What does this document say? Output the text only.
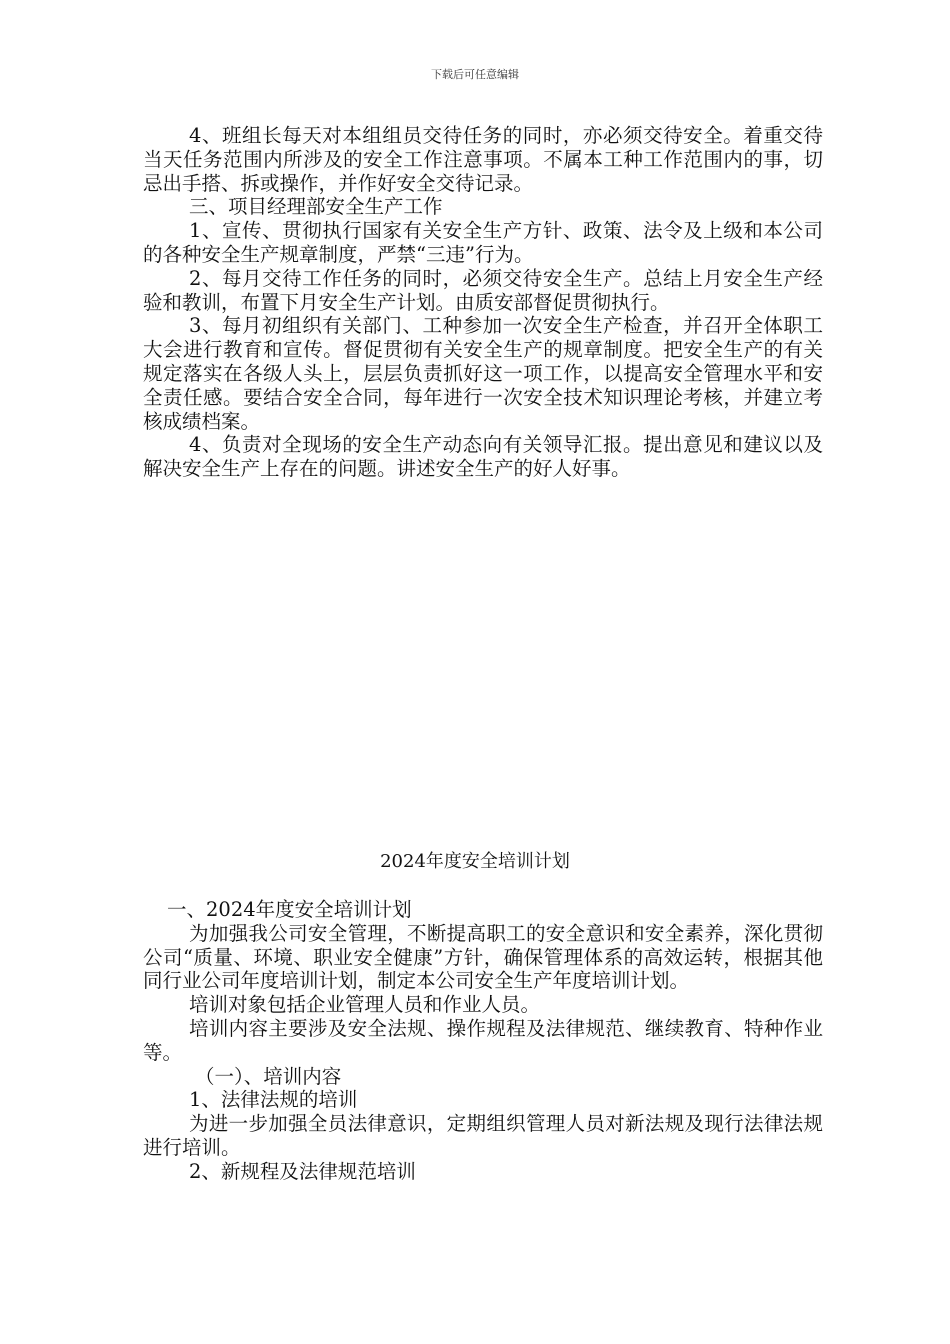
下载后可任意编辑

4、班组长每天对本组组员交待任务的同时，亦必须交待安全。着重交待当天任务范围内所涉及的安全工作注意事项。不属本工种工作范围内的事，切忌出手搭、拆或操作，并作好安全交待记录。

三、项目经理部安全生产工作

1、宣传、贯彻执行国家有关安全生产方针、政策、法令及上级和本公司的各种安全生产规章制度，严禁“三违”行为。

2、每月交待工作任务的同时，必须交待安全生产。总结上月安全生产经验和教训，布置下月安全生产计划。由质安部督促贯彻执行。

3、每月初组织有关部门、工种参加一次安全生产检查，并召开全体职工大会进行教育和宣传。督促贯彻有关安全生产的规章制度。把安全生产的有关规定落实在各级人头上，层层负责抓好这一项工作，以提高安全管理水平和安全责任感。要结合安全合同，每年进行一次安全技术知识理论考核，并建立考核成绩档案。

4、负责对全现场的安全生产动态向有关领导汇报。提出意见和建议以及解决安全生产上存在的问题。讲述安全生产的好人好事。

2024年度安全培训计划

一、2024年度安全培训计划

为加强我公司安全管理，不断提高职工的安全意识和安全素养，深化贯彻公司“质量、环境、职业安全健康”方针，确保管理体系的高效运转，根据其他同行业公司年度培训计划，制定本公司安全生产年度培训计划。

培训对象包括企业管理人员和作业人员。

培训内容主要涉及安全法规、操作规程及法律规范、继续教育、特种作业等。

（一）、培训内容

1、法律法规的培训

为进一步加强全员法律意识，定期组织管理人员对新法规及现行法律法规进行培训。

2、新规程及法律规范培训
